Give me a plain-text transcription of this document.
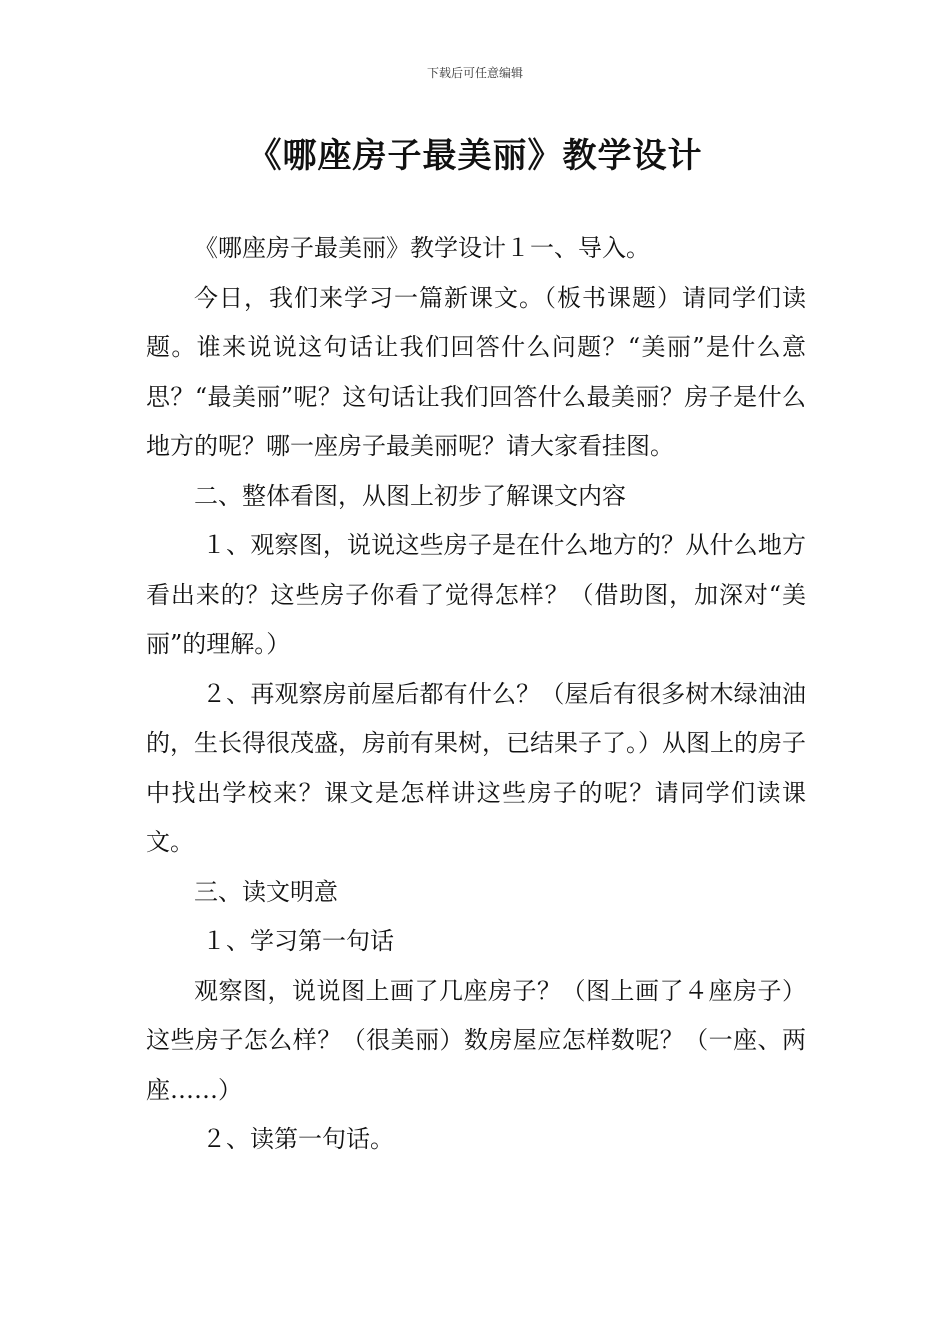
下载后可任意编辑
《哪座房子最美丽》教学设计

《哪座房子最美丽》教学设计１一、导入。

今日，我们来学习一篇新课文。（板书课题）请同学们读题。谁来说说这句话让我们回答什么问题？“美丽”是什么意思？“最美丽”呢？这句话让我们回答什么最美丽？房子是什么地方的呢？哪一座房子最美丽呢？请大家看挂图。

二、整体看图，从图上初步了解课文内容

１、观察图，说说这些房子是在什么地方的？从什么地方看出来的？这些房子你看了觉得怎样？（借助图，加深对“美丽”的理解。）

２、再观察房前屋后都有什么？（屋后有很多树木绿油油的，生长得很茂盛，房前有果树，已结果子了。）从图上的房子中找出学校来？课文是怎样讲这些房子的呢？请同学们读课文。

三、读文明意

１、学习第一句话

观察图，说说图上画了几座房子？（图上画了４座房子）这些房子怎么样？（很美丽）数房屋应怎样数呢？（一座、两座……）

２、读第一句话。
